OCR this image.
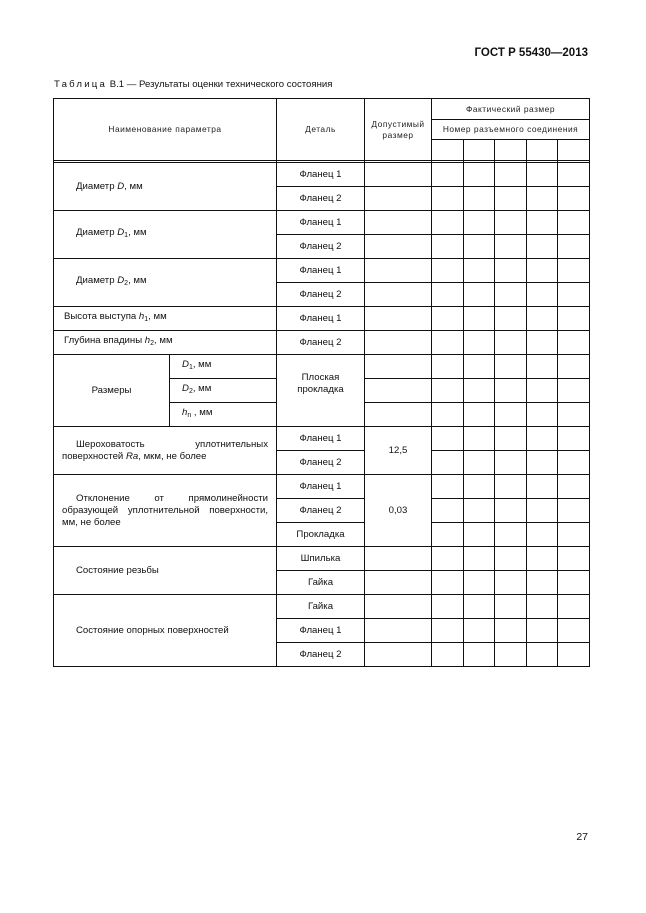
ГОСТ Р 55430—2013
Таблица В.1 — Результаты оценки технического состояния
Наименование параметра		Деталь	Допустимый размер	Фактический размер				
				Номер разъемного соединения				

Диаметр D, мм		Фланец 1						
		Фланец 2						
Диаметр $D_1$, мм		Фланец 1						
		Фланец 2						
Диаметр $D_2$, мм		Фланец 1						
		Фланец 2						
Высота выступа $h_1$, мм		Фланец 1						
Глубина впадины $h_2$, мм		Фланец 2						
Размеры	$D_1$, мм	Плоская прокладка						
	$D_2$, мм							
	$h_n$ , мм							
Шероховатость уплотнительных поверхностей Ra, мкм, не более		Фланец 1	12,5					
		Фланец 2						
Отклонение от прямолинейности образующей уплотнительной поверхности, мм, не более		Фланец 1	0,03					
		Фланец 2						
		Прокладка						
Состояние резьбы		Шпилька						
		Гайка						
Состояние опорных поверхностей		Гайка						
		Фланец 1						
		Фланец 2						
27
